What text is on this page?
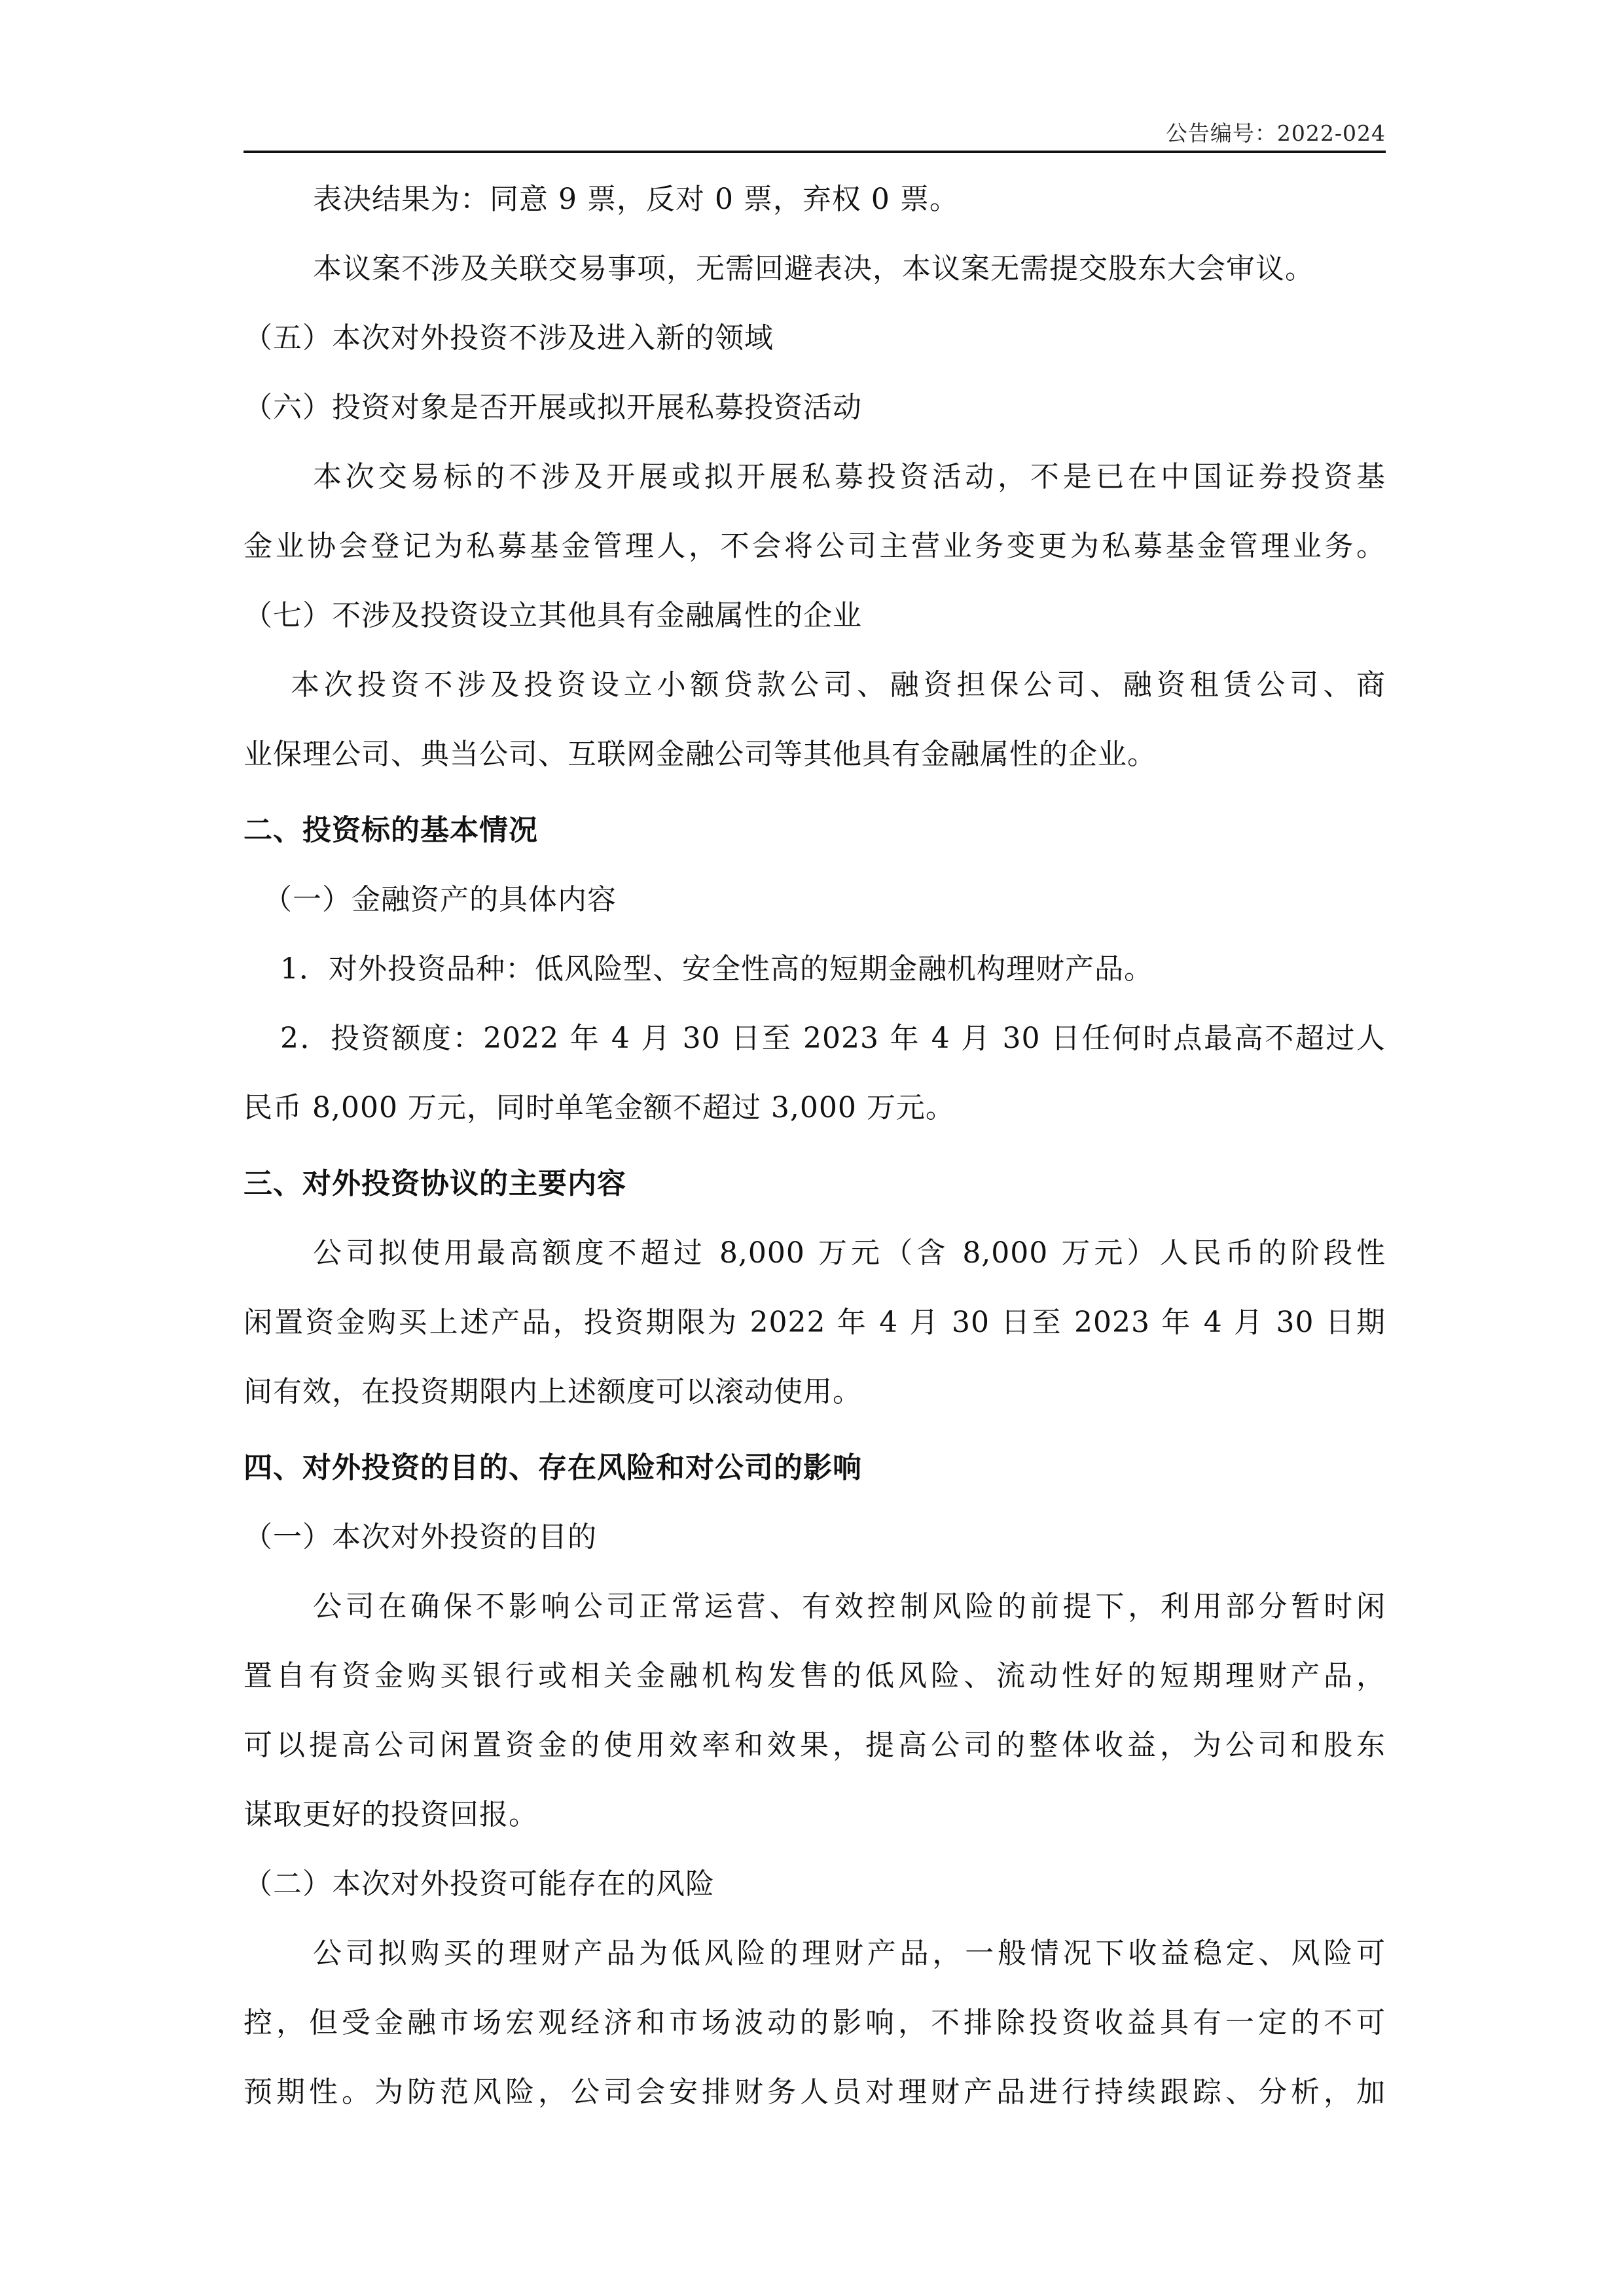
公告编号：2022-024
表决结果为：同意 9 票，反对 0 票，弃权 0 票。
本议案不涉及关联交易事项，无需回避表决，本议案无需提交股东大会审议。
（五）本次对外投资不涉及进入新的领域
（六）投资对象是否开展或拟开展私募投资活动
本次交易标的不涉及开展或拟开展私募投资活动，不是已在中国证券投资基
金业协会登记为私募基金管理人，不会将公司主营业务变更为私募基金管理业务。
（七）不涉及投资设立其他具有金融属性的企业
本次投资不涉及投资设立小额贷款公司、融资担保公司、融资租赁公司、商
业保理公司、典当公司、互联网金融公司等其他具有金融属性的企业。
二、投资标的基本情况
（一）金融资产的具体内容
1．对外投资品种：低风险型、安全性高的短期金融机构理财产品。
2．投资额度：2022 年 4 月 30 日至 2023 年 4 月 30 日任何时点最高不超过人
民币 8,000 万元，同时单笔金额不超过 3,000 万元。
三、对外投资协议的主要内容
公司拟使用最高额度不超过 8,000 万元（含 8,000 万元）人民币的阶段性
闲置资金购买上述产品，投资期限为 2022 年 4 月 30 日至 2023 年 4 月 30 日期
间有效，在投资期限内上述额度可以滚动使用。
四、对外投资的目的、存在风险和对公司的影响
（一）本次对外投资的目的
公司在确保不影响公司正常运营、有效控制风险的前提下，利用部分暂时闲
置自有资金购买银行或相关金融机构发售的低风险、流动性好的短期理财产品，
可以提高公司闲置资金的使用效率和效果，提高公司的整体收益，为公司和股东
谋取更好的投资回报。
（二）本次对外投资可能存在的风险
公司拟购买的理财产品为低风险的理财产品，一般情况下收益稳定、风险可
控，但受金融市场宏观经济和市场波动的影响，不排除投资收益具有一定的不可
预期性。为防范风险，公司会安排财务人员对理财产品进行持续跟踪、分析，加
